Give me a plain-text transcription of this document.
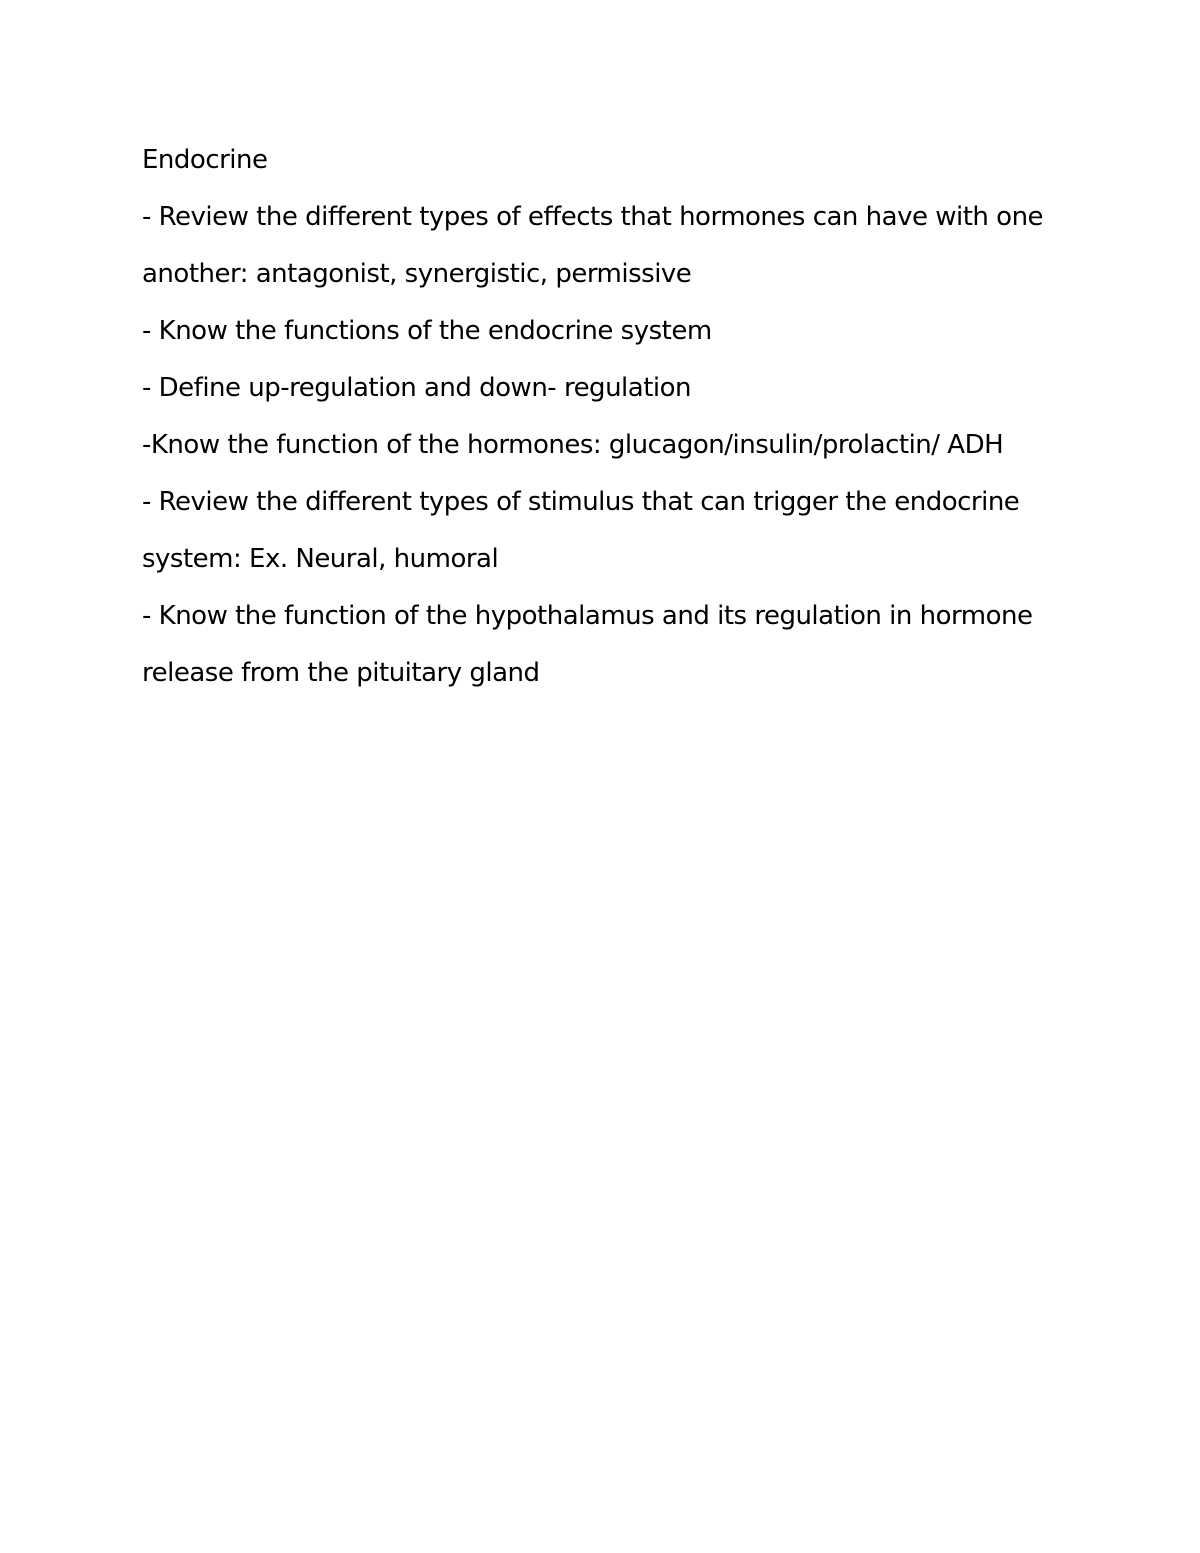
Endocrine
- Review the different types of effects that hormones can have with one
another: antagonist, synergistic, permissive
- Know the functions of the endocrine system
- Define up-regulation and down- regulation
-Know the function of the hormones: glucagon/insulin/prolactin/ ADH
- Review the different types of stimulus that can trigger the endocrine
system: Ex. Neural, humoral
- Know the function of the hypothalamus and its regulation in hormone
release from the pituitary gland
